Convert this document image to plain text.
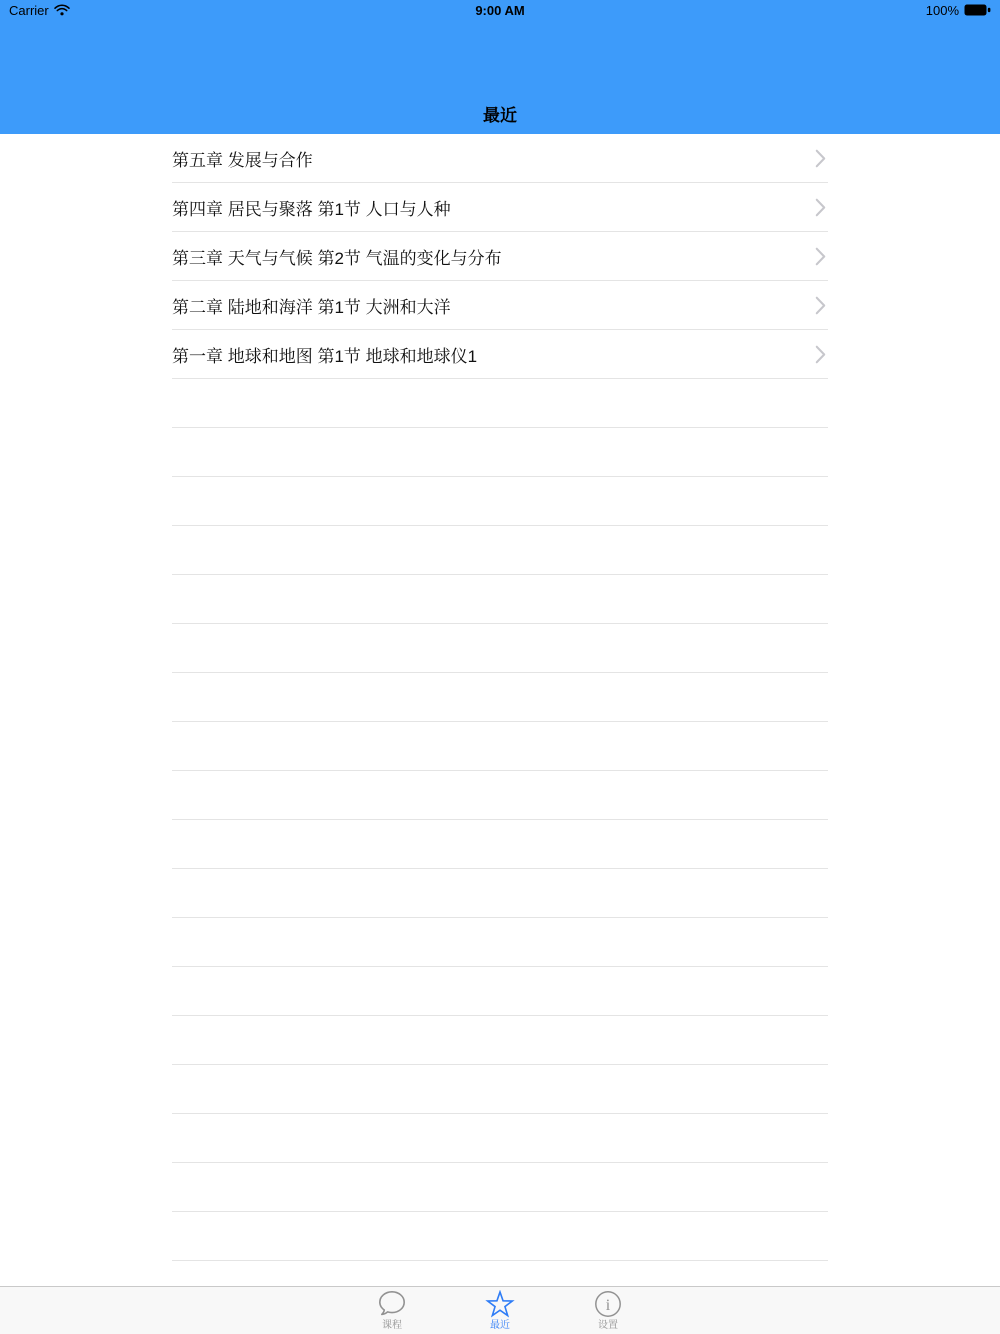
Carrier	9:00 AM	100%
最近
第五章 发展与合作
第四章 居民与聚落 第1节 人口与人种
第三章 天气与气候 第2节 气温的变化与分布
第二章 陆地和海洋 第1节 大洲和大洋
第一章 地球和地图 第1节 地球和地球仪1
课程	最近
i
设置
